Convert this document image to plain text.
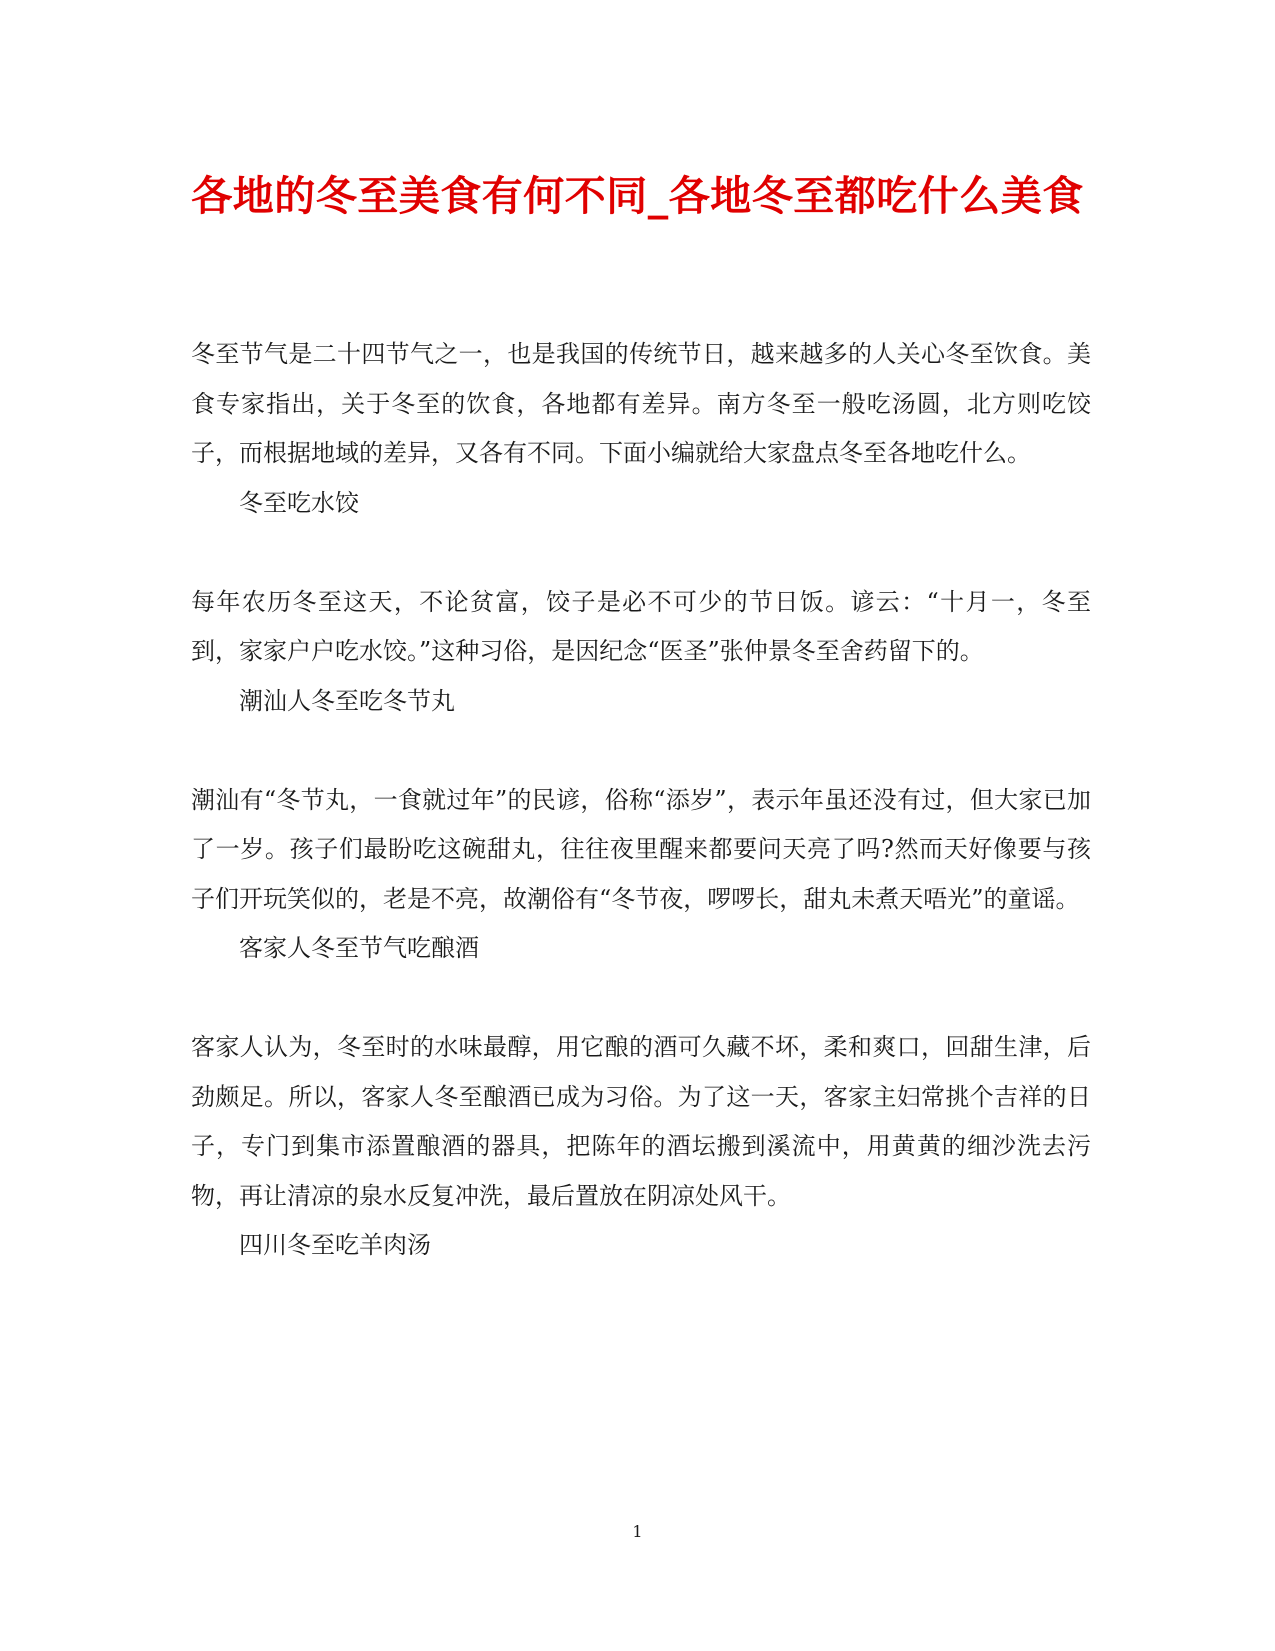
各地的冬至美食有何不同_各地冬至都吃什么美食

冬至节气是二十四节气之一，也是我国的传统节日，越来越多的人关心冬至饮食。美食专家指出，关于冬至的饮食，各地都有差异。南方冬至一般吃汤圆，北方则吃饺子，而根据地域的差异，又各有不同。下面小编就给大家盘点冬至各地吃什么。

冬至吃水饺

每年农历冬至这天，不论贫富，饺子是必不可少的节日饭。谚云：“十月一，冬至到，家家户户吃水饺。”这种习俗，是因纪念“医圣”张仲景冬至舍药留下的。

潮汕人冬至吃冬节丸

潮汕有“冬节丸，一食就过年”的民谚，俗称“添岁”，表示年虽还没有过，但大家已加了一岁。孩子们最盼吃这碗甜丸，往往夜里醒来都要问天亮了吗?然而天好像要与孩子们开玩笑似的，老是不亮，故潮俗有“冬节夜，啰啰长，甜丸未煮天唔光”的童谣。

客家人冬至节气吃酿酒

客家人认为，冬至时的水味最醇，用它酿的酒可久藏不坏，柔和爽口，回甜生津，后劲颇足。所以，客家人冬至酿酒已成为习俗。为了这一天，客家主妇常挑个吉祥的日子，专门到集市添置酿酒的器具，把陈年的酒坛搬到溪流中，用黄黄的细沙洗去污物，再让清凉的泉水反复冲洗，最后置放在阴凉处风干。

四川冬至吃羊肉汤

1
